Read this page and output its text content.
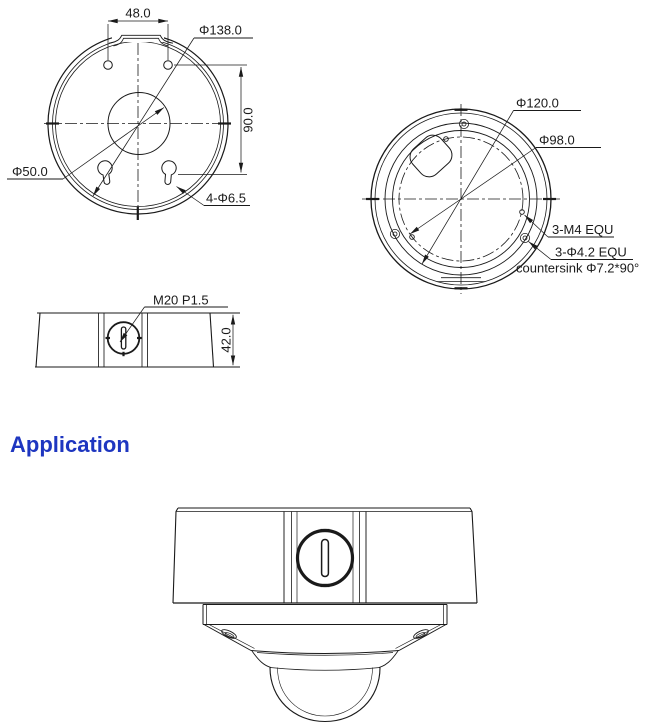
48.0
Φ138.0
90.0
Φ50.0
4-Φ6.5
Φ120.0
Φ98.0
3-M4 EQU
3-Φ4.2 EQU
countersink Φ7.2*90°
M20 P1.5
42.0
Application
